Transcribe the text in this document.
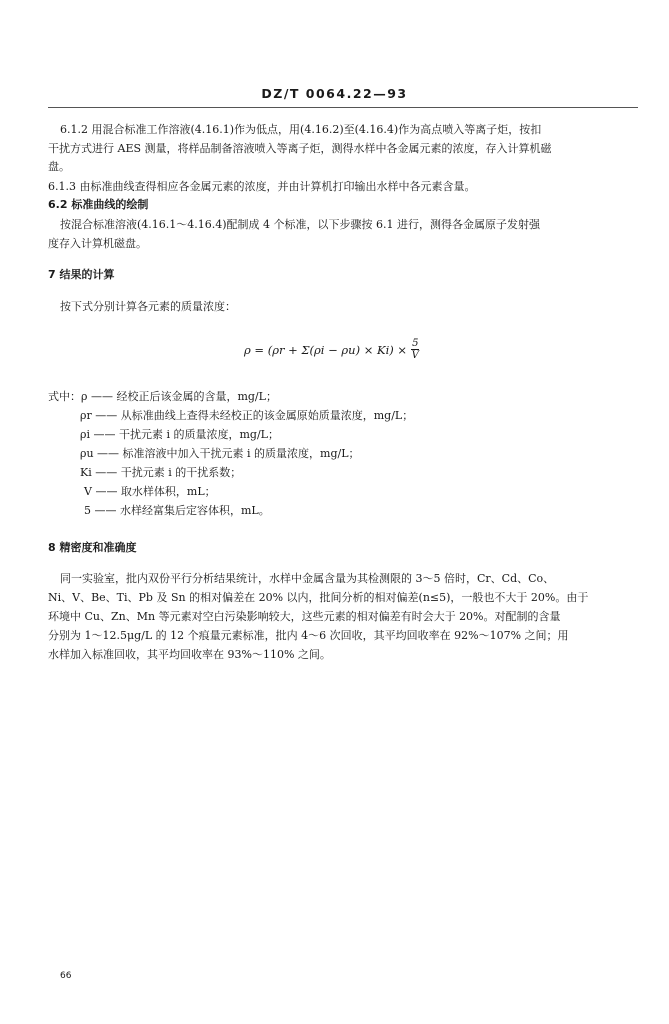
DZ/T 0064.22—93

6.1.2 用混合标准工作溶液(4.16.1)作为低点，用(4.16.2)至(4.16.4)作为高点喷入等离子炬，按扣

干扰方式进行 AES 测量，将样品制备溶液喷入等离子炬，测得水样中各金属元素的浓度，存入计算机磁

盘。

6.1.3 由标准曲线查得相应各金属元素的浓度，并由计算机打印输出水样中各元素含量。

6.2 标准曲线的绘制

按混合标准溶液(4.16.1～4.16.4)配制成 4 个标准，以下步骤按 6.1 进行，测得各金属原子发射强

度存入计算机磁盘。

7 结果的计算

按下式分别计算各元素的质量浓度：

$\rho = (\rho r + \Sigma(\rho i - \rho u) \times Ki) \times \frac{5}{V}$

式中：ρ —— 经校正后该金属的含量，mg/L；

ρr —— 从标准曲线上查得未经校正的该金属原始质量浓度，mg/L；

ρi —— 干扰元素 i 的质量浓度，mg/L；

ρu —— 标准溶液中加入干扰元素 i 的质量浓度，mg/L；

Ki —— 干扰元素 i 的干扰系数；

V —— 取水样体积，mL；

5 —— 水样经富集后定容体积，mL。

8 精密度和准确度

同一实验室，批内双份平行分析结果统计，水样中金属含量为其检测限的 3～5 倍时，Cr、Cd、Co、

Ni、V、Be、Ti、Pb 及 Sn 的相对偏差在 20% 以内，批间分析的相对偏差(n≤5)，一般也不大于 20%。由于

环境中 Cu、Zn、Mn 等元素对空白污染影响较大，这些元素的相对偏差有时会大于 20%。对配制的含量

分别为 1～12.5μg/L 的 12 个痕量元素标准，批内 4～6 次回收，其平均回收率在 92%～107% 之间；用

水样加入标准回收，其平均回收率在 93%～110% 之间。

66
